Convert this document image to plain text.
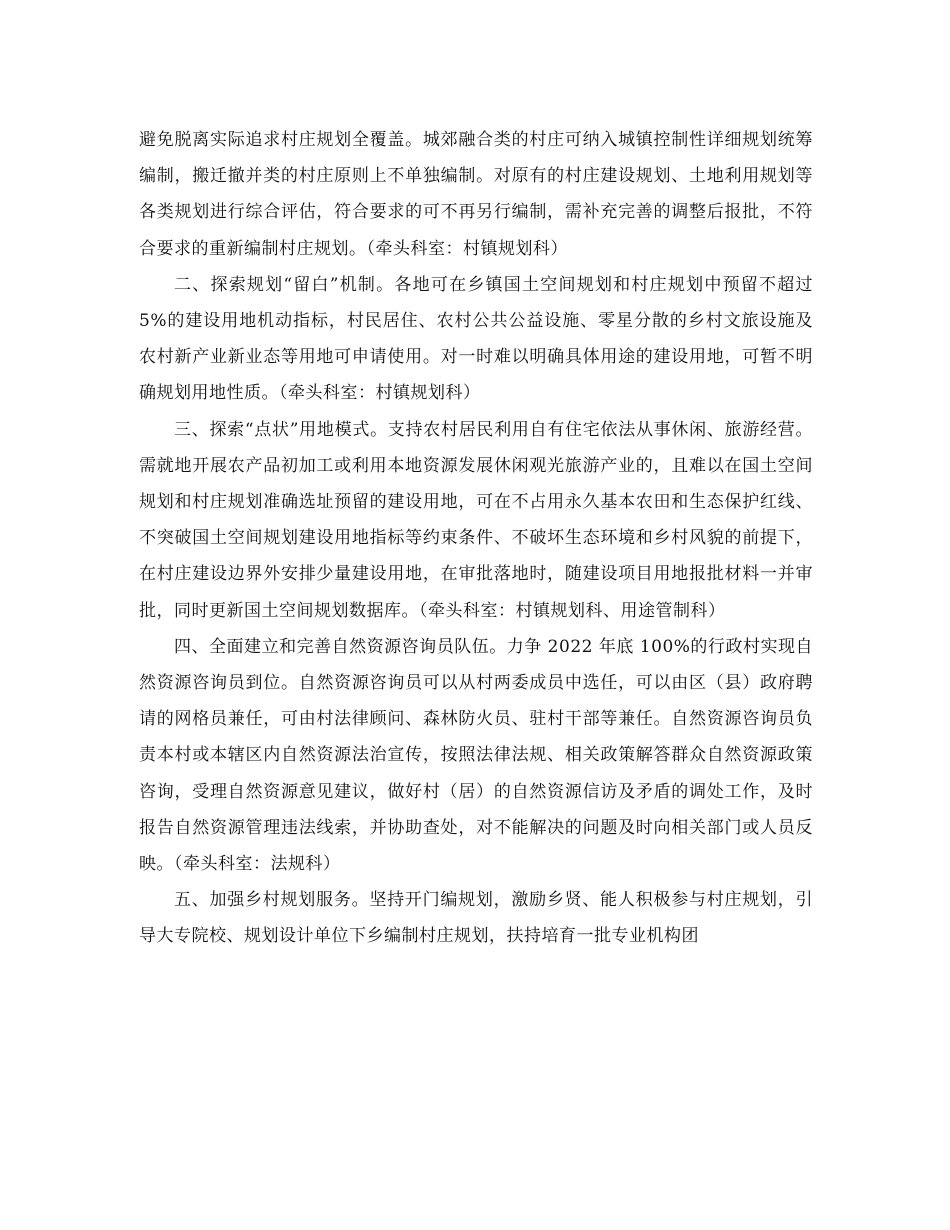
避免脱离实际追求村庄规划全覆盖。城郊融合类的村庄可纳入城镇控制性详细规划统筹编制，搬迁撤并类的村庄原则上不单独编制。对原有的村庄建设规划、土地利用规划等各类规划进行综合评估，符合要求的可不再另行编制，需补充完善的调整后报批，不符合要求的重新编制村庄规划。（牵头科室：村镇规划科）

二、探索规划“留白”机制。各地可在乡镇国土空间规划和村庄规划中预留不超过 5%的建设用地机动指标，村民居住、农村公共公益设施、零星分散的乡村文旅设施及农村新产业新业态等用地可申请使用。对一时难以明确具体用途的建设用地，可暂不明确规划用地性质。（牵头科室：村镇规划科）

三、探索“点状”用地模式。支持农村居民利用自有住宅依法从事休闲、旅游经营。需就地开展农产品初加工或利用本地资源发展休闲观光旅游产业的，且难以在国土空间规划和村庄规划准确选址预留的建设用地，可在不占用永久基本农田和生态保护红线、不突破国土空间规划建设用地指标等约束条件、不破坏生态环境和乡村风貌的前提下，在村庄建设边界外安排少量建设用地，在审批落地时，随建设项目用地报批材料一并审批，同时更新国土空间规划数据库。（牵头科室：村镇规划科、用途管制科）

四、全面建立和完善自然资源咨询员队伍。力争 2022 年底 100%的行政村实现自然资源咨询员到位。自然资源咨询员可以从村两委成员中选任，可以由区（县）政府聘请的网格员兼任，可由村法律顾问、森林防火员、驻村干部等兼任。自然资源咨询员负责本村或本辖区内自然资源法治宣传，按照法律法规、相关政策解答群众自然资源政策咨询，受理自然资源意见建议，做好村（居）的自然资源信访及矛盾的调处工作，及时报告自然资源管理违法线索，并协助查处，对不能解决的问题及时向相关部门或人员反映。（牵头科室：法规科）

五、加强乡村规划服务。坚持开门编规划，激励乡贤、能人积极参与村庄规划，引导大专院校、规划设计单位下乡编制村庄规划，扶持培育一批专业机构团
